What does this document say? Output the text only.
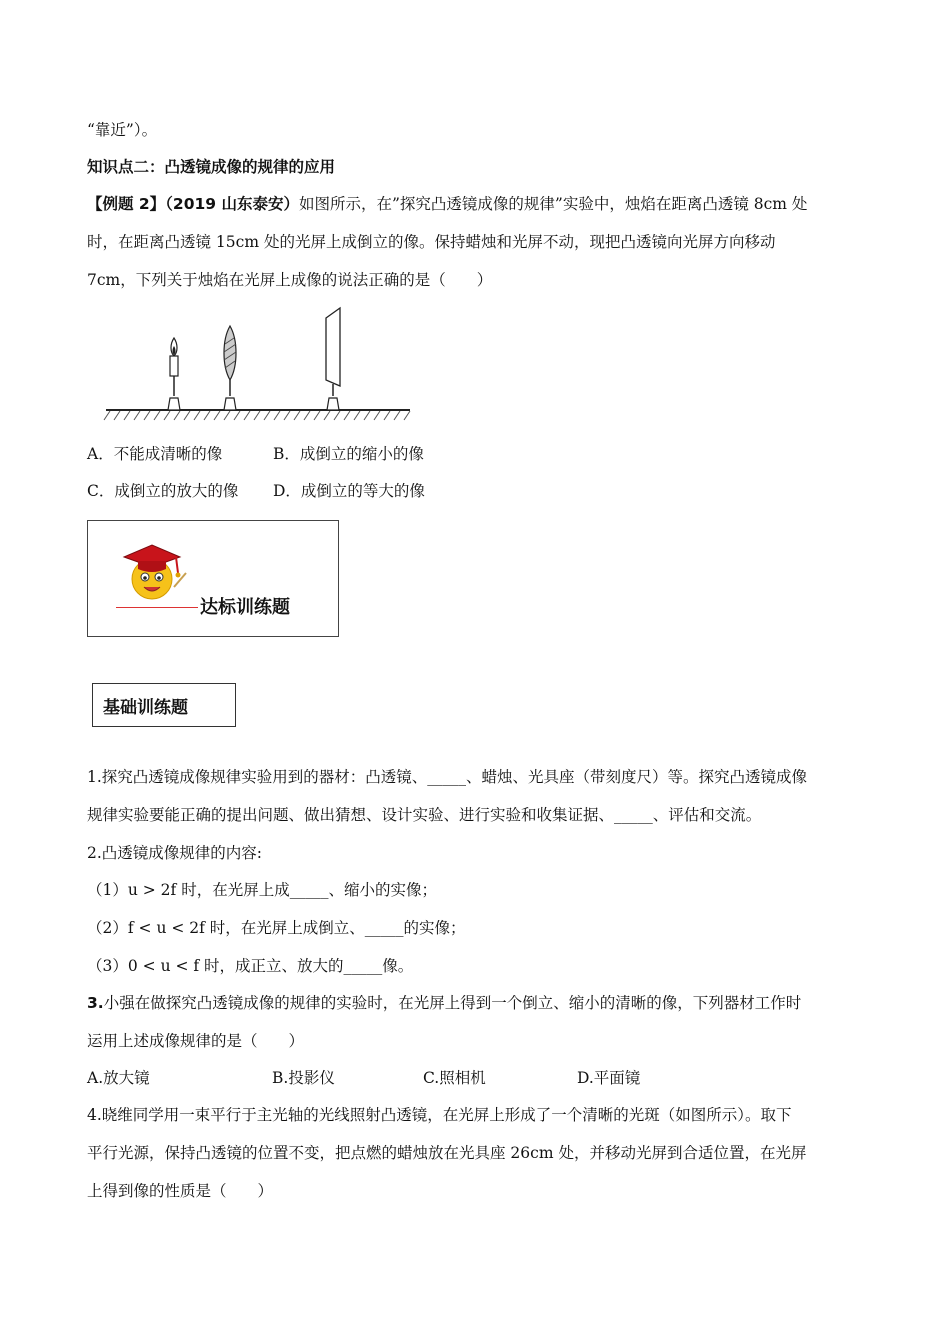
“靠近”）。
知识点二：凸透镜成像的规律的应用
【例题 2】（2019 山东泰安）如图所示，在”探究凸透镜成像的规律”实验中，烛焰在距离凸透镜 8cm 处
时，在距离凸透镜 15cm 处的光屏上成倒立的像。保持蜡烛和光屏不动，现把凸透镜向光屏方向移动
7cm，下列关于烛焰在光屏上成像的说法正确的是（　　）
A．不能成清晰的像	B．成倒立的缩小的像
C．成倒立的放大的像 D．成倒立的等大的像
达标训练题
基础训练题
1.探究凸透镜成像规律实验用到的器材：凸透镜、_____、蜡烛、光具座（带刻度尺）等。探究凸透镜成像
规律实验要能正确的提出问题、做出猜想、设计实验、进行实验和收集证据、_____、评估和交流。
2.凸透镜成像规律的内容:
（1）u > 2f 时，在光屏上成_____、缩小的实像；
（2）f < u < 2f 时，在光屏上成倒立、_____的实像；
（3）0 < u < f 时，成正立、放大的_____像。
3.小强在做探究凸透镜成像的规律的实验时，在光屏上得到一个倒立、缩小的清晰的像，下列器材工作时
运用上述成像规律的是（　　）
A.放大镜	B.投影仪	C.照相机	D.平面镜
4.晓维同学用一束平行于主光轴的光线照射凸透镜，在光屏上形成了一个清晰的光斑（如图所示）。取下
平行光源，保持凸透镜的位置不变，把点燃的蜡烛放在光具座 26cm 处，并移动光屏到合适位置，在光屏
上得到像的性质是（　　）
